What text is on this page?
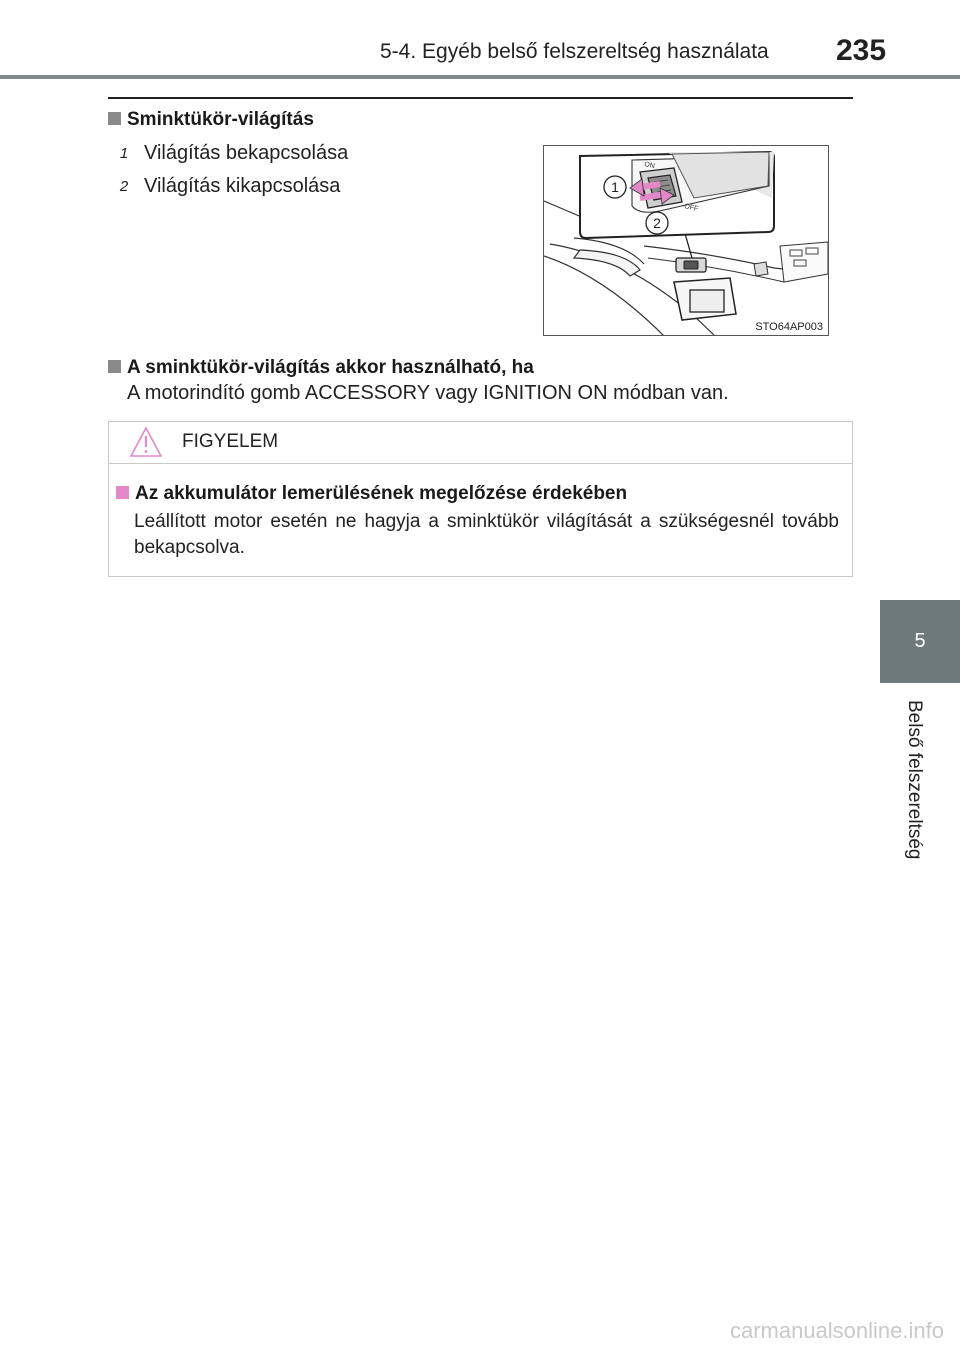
5-4. Egyéb belső felszereltség használata 235
5
Belső felszereltség
Sminktükör-világítás
1 Világítás bekapcsolása
2 Világítás kikapcsolása
ON
OFF
1
2
STO64AP003
A sminktükör-világítás akkor használható, ha
A motorindító gomb ACCESSORY vagy IGNITION ON módban van.
FIGYELEM
Az akkumulátor lemerülésének megelőzése érdekében
Leállított motor esetén ne hagyja a sminktükör világítását a szükségesnél tovább bekapcsolva.
carmanualsonline.info
